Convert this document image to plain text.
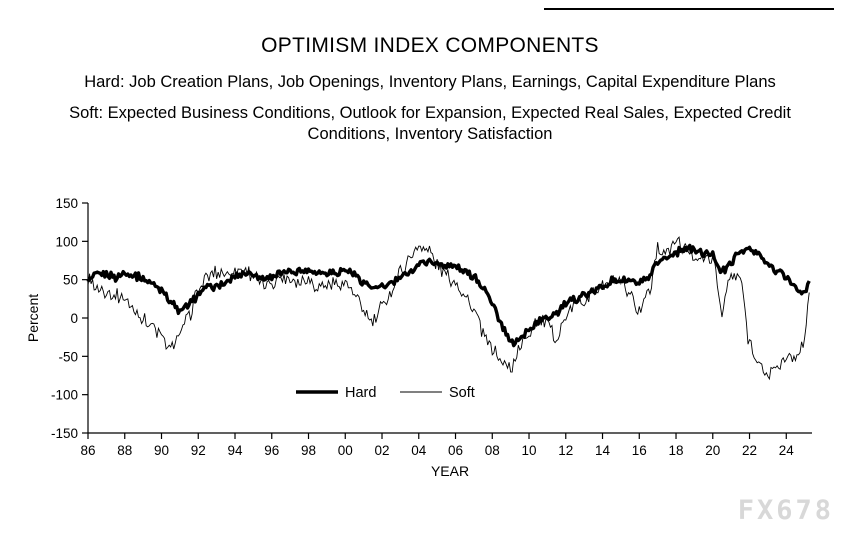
OPTIMISM INDEX COMPONENTS
Hard: Job Creation Plans, Job Openings, Inventory Plans, Earnings, Capital Expenditure Plans
Soft: Expected Business Conditions, Outlook for Expansion, Expected Real Sales, Expected Credit Conditions, Inventory Satisfaction
-150
-100
-50
0
50
100
150
86 88 90 92 94 96 98 00 02 04 06 08 10 12 14 16 18 20 22 24
Percent
YEAR
Hard	Soft
FX678
